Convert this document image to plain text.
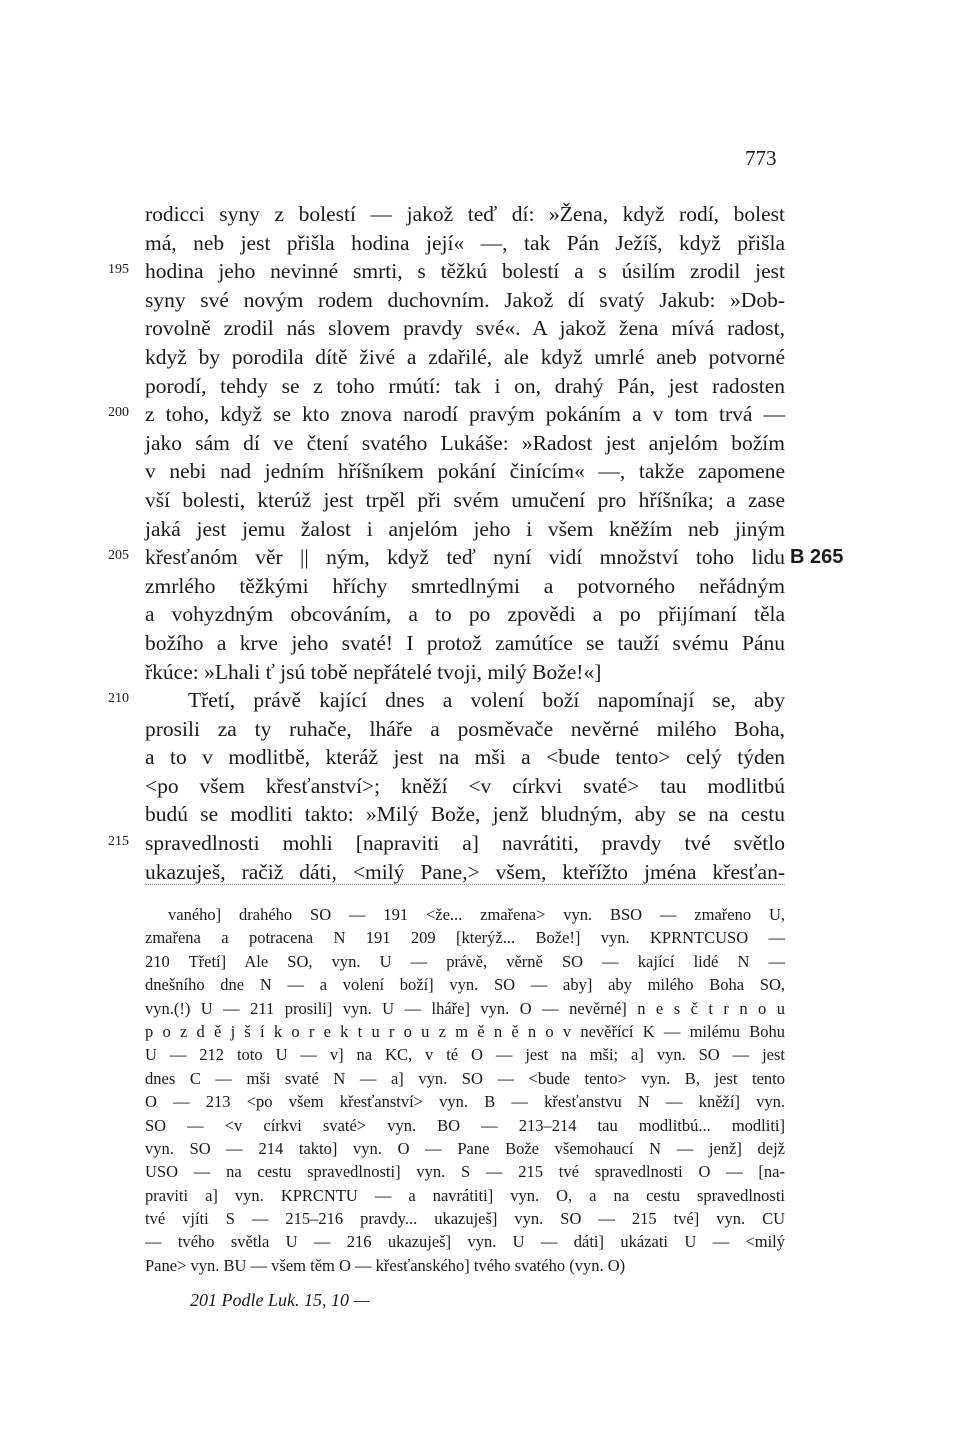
773
rodicci syny z bolestí — jakož teď dí: »Žena, když rodí, bolest
má, neb jest přišla hodina její« —, tak Pán Ježíš, když přišla
195 hodina jeho nevinné smrti, s těžkú bolestí a s úsilím zrodil jest
syny své novým rodem duchovním. Jakož dí svatý Jakub: »Dob-
rovolně zrodil nás slovem pravdy své«. A jakož žena mívá radost,
když by porodila dítě živé a zdařilé, ale když umrlé aneb potvorné
porodí, tehdy se z toho rmútí: tak i on, drahý Pán, jest radosten
200 z toho, když se kto znova narodí pravým pokáním a v tom trvá —
jako sám dí ve čtení svatého Lukáše: »Radost jest anjelóm božím
v nebi nad jedním hříšníkem pokání činícím« —, takže zapomene
vší bolesti, kterúž jest trpěl při svém umučení pro hříšníka; a zase
jaká jest jemu žalost i anjelóm jeho i všem kněžím neb jiným
205 křesťanóm věr || ným, když teď nyní vidí množství toho lidu B 265
zmrlého těžkými hříchy smrtedlnými a potvorného neřádným
a vohyzdným obcováním, a to po zpovědi a po přijímaní těla
božího a krve jeho svaté! I protož zamútíce se tauží svému Pánu
řkúce: »Lhali ť jsú tobě nepřátelé tvoji, milý Bože!«]
210	Třetí, právě kající dnes a volení boží napomínají se, aby
prosili za ty ruhače, lháře a posměvače nevěrné milého Boha,
a to v modlitbě, kteráž jest na mši a <bude tento> celý týden
<po všem křesťanství>; kněží <v církvi svaté> tau modlitbú
budú se modliti takto: »Milý Bože, jenž bludným, aby se na cestu
215 spravedlnosti mohli [napraviti a] navrátiti, pravdy tvé světlo
ukazuješ, račiž dáti, <milý Pane,> všem, kteřížto jména křesťan-
vaného] drahého SO — 191 <že... zmařena> vyn. BSO — zmařeno U,
zmařena a potracena N 191 209 [kterýž... Bože!] vyn. KPRNTCUSO —
210 Třetí] Ale SO, vyn. U — právě, věrně SO — kající lidé N —
dnešního dne N — a volení boží] vyn. SO — aby] aby milého Boha SO,
vyn.(!) U — 211 prosili] vyn. U — lháře] vyn. O — nevěrné] n e s č t r n o u
p o z d ě j š í k o r e k t u r o u z m ě n ě n o v nevěřící K — milému Bohu
U — 212 toto U — v] na KC, v té O — jest na mši; a] vyn. SO — jest
dnes C — mši svaté N — a] vyn. SO — <bude tento> vyn. B, jest tento
O — 213 <po všem křesťanství> vyn. B — křesťanstvu N — kněží] vyn.
SO — <v církvi svaté> vyn. BO — 213–214 tau modlitbú... modliti]
vyn. SO — 214 takto] vyn. O — Pane Bože všemohaucí N — jenž] dejž
USO — na cestu spravedlnosti] vyn. S — 215 tvé spravedlnosti O — [na-
praviti a] vyn. KPRCNTU — a navrátiti] vyn. O, a na cestu spravedlnosti
tvé vjíti S — 215–216 pravdy... ukazuješ] vyn. SO — 215 tvé] vyn. CU
— tvého světla U — 216 ukazuješ] vyn. U — dáti] ukázati U — <milý
Pane> vyn. BU — všem těm O — křesťanského] tvého svatého (vyn. O)
201 Podle Luk. 15, 10 —
